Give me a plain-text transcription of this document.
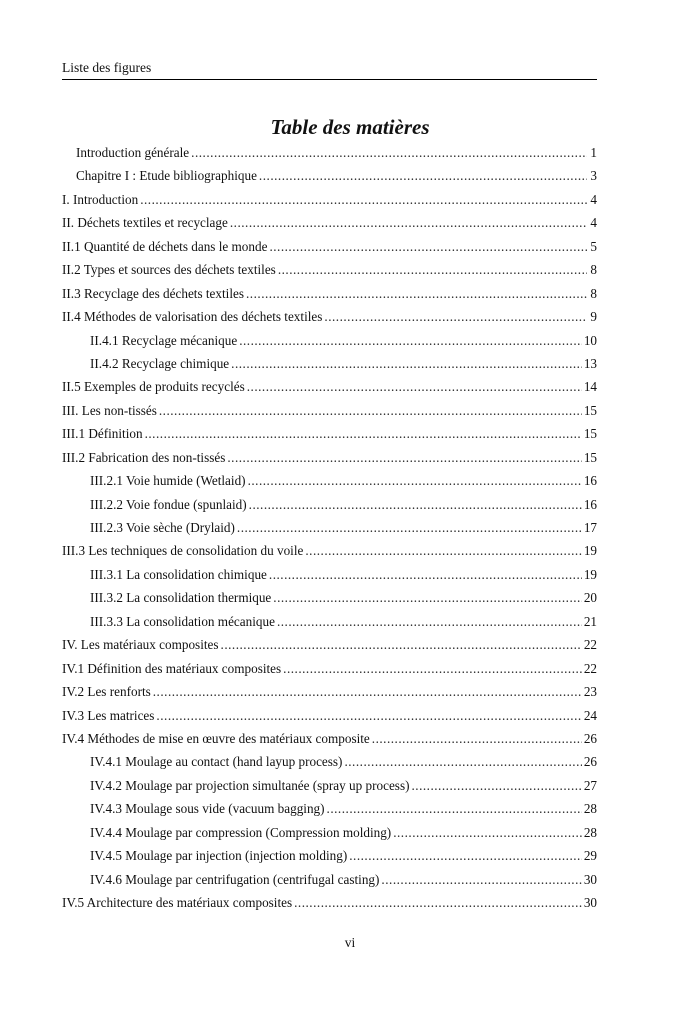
Liste des figures
Table des matières
Introduction générale .....	1
Chapitre I : Etude bibliographique .....	3
I. Introduction .....	4
II. Déchets textiles et recyclage .....	4
II.1 Quantité de déchets dans le monde .....	5
II.2 Types et sources des déchets textiles .....	8
II.3 Recyclage des déchets textiles .....	8
II.4 Méthodes de valorisation des déchets textiles .....	9
II.4.1 Recyclage mécanique .....	10
II.4.2 Recyclage chimique .....	13
II.5 Exemples de produits recyclés .....	14
III. Les non-tissés .....	15
III.1 Définition .....	15
III.2 Fabrication des non-tissés .....	15
III.2.1 Voie humide (Wetlaid) .....	16
III.2.2 Voie fondue (spunlaid) .....	16
III.2.3 Voie sèche (Drylaid) .....	17
III.3 Les techniques de consolidation du voile .....	19
III.3.1 La consolidation chimique .....	19
III.3.2 La consolidation thermique .....	20
III.3.3 La consolidation mécanique .....	21
IV. Les matériaux composites .....	22
IV.1 Définition des matériaux composites .....	22
IV.2 Les renforts .....	23
IV.3 Les matrices .....	24
IV.4 Méthodes de mise en œuvre des matériaux composite .....	26
IV.4.1 Moulage au contact (hand layup process) .....	26
IV.4.2 Moulage par projection simultanée (spray up process) .....	27
IV.4.3 Moulage sous vide (vacuum bagging) .....	28
IV.4.4 Moulage par compression (Compression molding) .....	28
IV.4.5 Moulage par injection (injection molding) .....	29
IV.4.6 Moulage par centrifugation (centrifugal casting) .....	30
IV.5 Architecture des matériaux composites .....	30
vi
